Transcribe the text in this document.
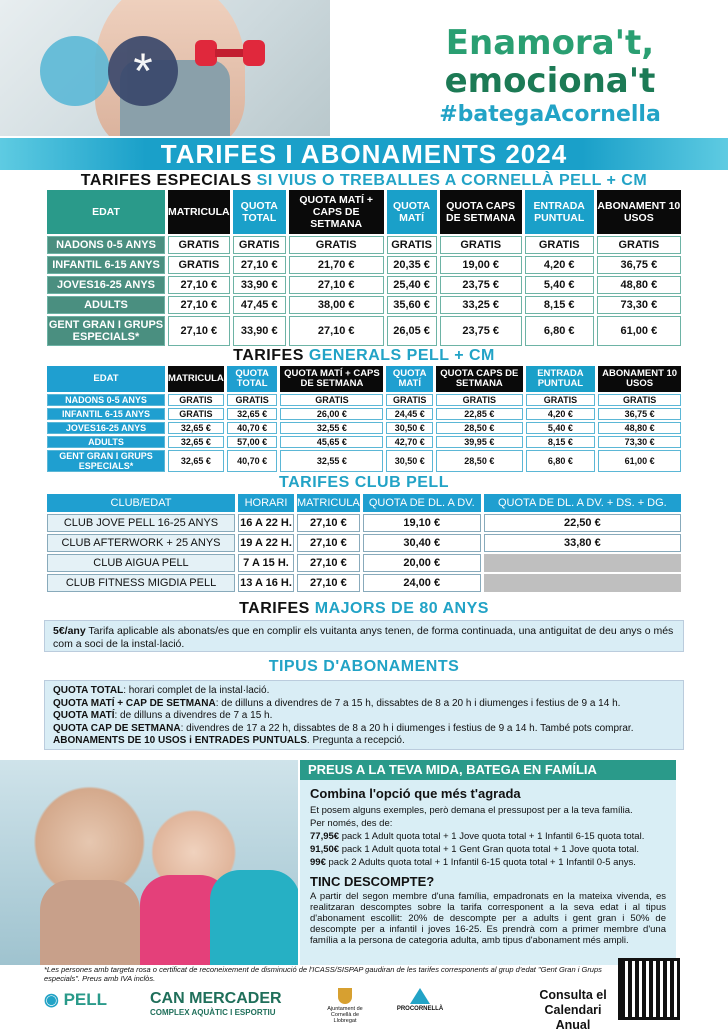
*	Enamora't,
emociona't
#bategaAcornella
TARIFES I ABONAMENTS 2024
TARIFES ESPECIALS SI VIUS O TREBALLES A CORNELLÀ PELL + CM
EDAT	MATRICULA	QUOTA TOTAL	QUOTA MATÍ + CAPS DE SETMANA	QUOTA MATÍ	QUOTA CAPS DE SETMANA	ENTRADA PUNTUAL	ABONAMENT 10 USOS
NADONS 0-5 ANYS	GRATIS	GRATIS	GRATIS	GRATIS	GRATIS	GRATIS	GRATIS
INFANTIL 6-15 ANYS	GRATIS	27,10 €	21,70 €	20,35 €	19,00 €	4,20 €	36,75 €
JOVES16-25 ANYS	27,10 €	33,90 €	27,10 €	25,40 €	23,75 €	5,40 €	48,80 €
ADULTS	27,10 €	47,45 €	38,00 €	35,60 €	33,25 €	8,15 €	73,30 €
GENT GRAN I GRUPS ESPECIALS*	27,10 €	33,90 €	27,10 €	26,05 €	23,75 €	6,80 €	61,00 €
TARIFES GENERALS PELL + CM
EDAT	MATRICULA	QUOTA TOTAL	QUOTA MATÍ + CAPS DE SETMANA	QUOTA MATÍ	QUOTA CAPS DE SETMANA	ENTRADA PUNTUAL	ABONAMENT 10 USOS
NADONS 0-5 ANYS	GRATIS	GRATIS	GRATIS	GRATIS	GRATIS	GRATIS	GRATIS
INFANTIL 6-15 ANYS	GRATIS	32,65 €	26,00 €	24,45 €	22,85 €	4,20 €	36,75 €
JOVES16-25 ANYS	32,65 €	40,70 €	32,55 €	30,50 €	28,50 €	5,40 €	48,80 €
ADULTS	32,65 €	57,00 €	45,65 €	42,70 €	39,95 €	8,15 €	73,30 €
GENT GRAN I GRUPS ESPECIALS*	32,65 €	40,70 €	32,55 €	30,50 €	28,50 €	6,80 €	61,00 €
TARIFES CLUB PELL
CLUB/EDAT	HORARI	MATRICULA	QUOTA DE DL. A DV.	QUOTA DE DL. A DV. + DS. + DG.
CLUB JOVE PELL 16-25 ANYS	16 A 22 H.	27,10 €	19,10 €	22,50 €
CLUB AFTERWORK + 25 ANYS	19 A 22 H.	27,10 €	30,40 €	33,80 €
CLUB AIGUA PELL	7 A 15 H.	27,10 €	20,00 €	
CLUB FITNESS MIGDIA PELL	13 A 16 H.	27,10 €	24,00 €	
TARIFES MAJORS DE 80 ANYS
5€/any Tarifa aplicable als abonats/es que en complir els vuitanta anys tenen, de forma continuada, una antiguitat de deu anys o més com a soci de la instal·lació.
TIPUS D'ABONAMENTS
QUOTA TOTAL: horari complet de la instal·lació.
QUOTA MATÍ + CAP DE SETMANA: de dilluns a divendres de 7 a 15 h, dissabtes de 8 a 20 h i diumenges i festius de 9 a 14 h.
QUOTA MATÍ: de dilluns a divendres de 7 a 15 h.
QUOTA CAP DE SETMANA: divendres de 17 a 22 h, dissabtes de 8 a 20 h i diumenges i festius de 9 a 14 h. També pots comprar.
ABONAMENTS DE 10 USOS i ENTRADES PUNTUALS. Pregunta a recepció.
PREUS A LA TEVA MIDA, BATEGA EN FAMÍLIA
Combina l'opció que més t'agrada

Et posem alguns exemples, però demana el pressupost per a la teva família.

Per només, des de:

77,95€ pack 1 Adult quota total + 1 Jove quota total + 1 Infantil 6-15 quota total.

91,50€ pack 1 Adult quota total + 1 Gent Gran quota total + 1 Jove quota total.

99€ pack 2 Adults quota total + 1 Infantil 6-15 quota total + 1 Infantil 0-5 anys.

TINC DESCOMPTE?

A partir del segon membre d'una família, empadronats en la mateixa vivenda, es realitzaran descomptes sobre la tarifa corresponent a la seva edat i al tipus d'abonament escollit: 20% de descompte per a adults i gent gran i 50% de descompte per a infantil i joves 16-25. Es prendrà com a primer membre d'una família a la persona de categoria adulta, amb tipus d'abonament més ampli.

*Les persones amb targeta rosa o certificat de reconeixement de disminució de l'ICASS/SISPAP gaudiran de les tarifes corresponents al grup d'edat "Gent Gran i Grups especials". Preus amb IVA inclòs.
◉ PELL	CAN MERCADER
COMPLEX AQUÀTIC I ESPORTIU	Ajuntament de Cornellà de Llobregat
PROCORNELLÀ
Consulta el Calendari Anual
